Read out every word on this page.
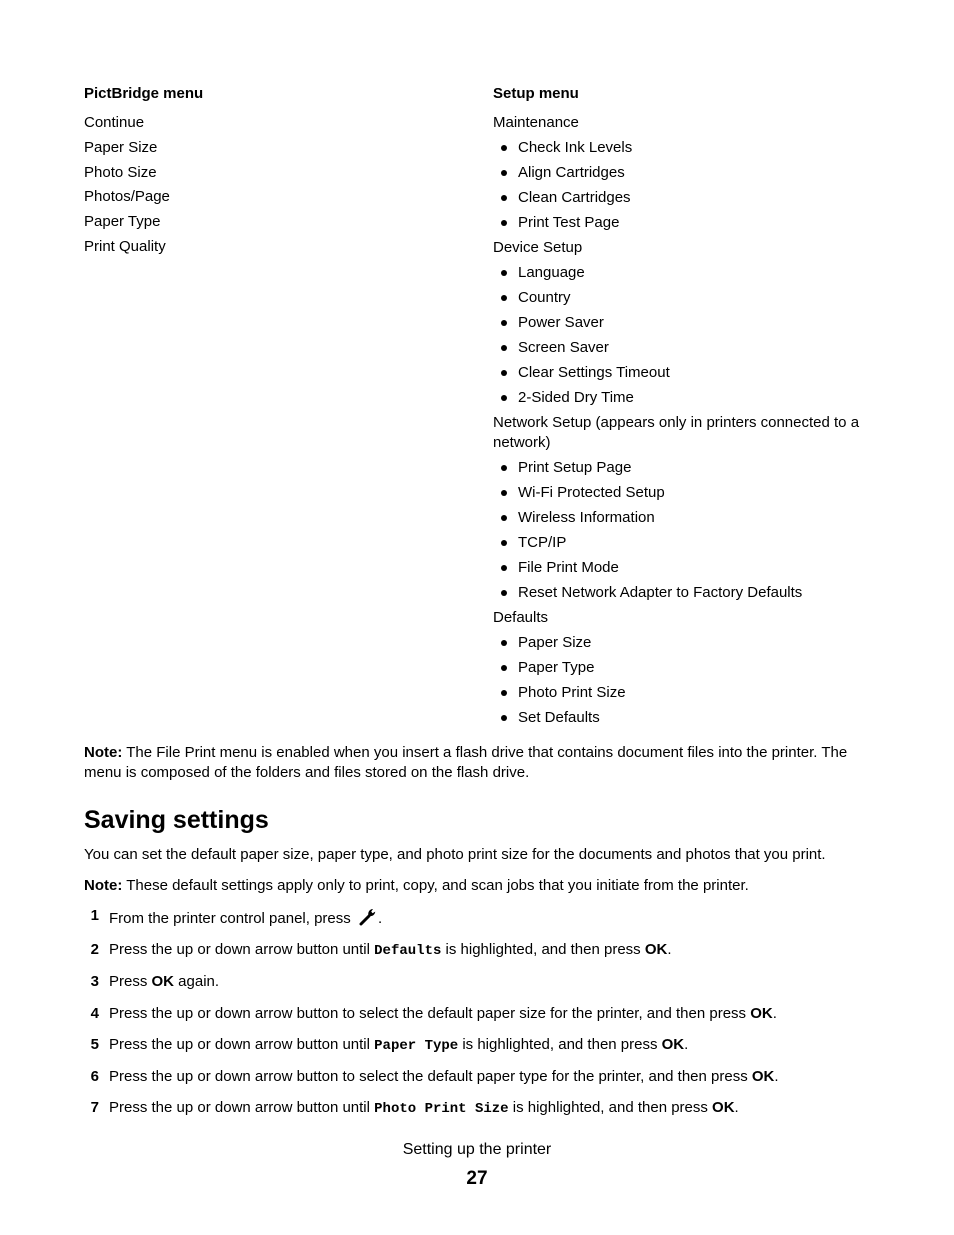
PictBridge menu
Continue
Paper Size
Photo Size
Photos/Page
Paper Type
Print Quality
Setup menu
Maintenance
Check Ink Levels
Align Cartridges
Clean Cartridges
Print Test Page
Device Setup
Language
Country
Power Saver
Screen Saver
Clear Settings Timeout
2-Sided Dry Time
Network Setup (appears only in printers connected to a network)
Print Setup Page
Wi-Fi Protected Setup
Wireless Information
TCP/IP
File Print Mode
Reset Network Adapter to Factory Defaults
Defaults
Paper Size
Paper Type
Photo Print Size
Set Defaults
Note: The File Print menu is enabled when you insert a flash drive that contains document files into the printer. The menu is composed of the folders and files stored on the flash drive.
Saving settings
You can set the default paper size, paper type, and photo print size for the documents and photos that you print.
Note: These default settings apply only to print, copy, and scan jobs that you initiate from the printer.
1 From the printer control panel, press .
2 Press the up or down arrow button until Defaults is highlighted, and then press OK.
3 Press OK again.
4 Press the up or down arrow button to select the default paper size for the printer, and then press OK.
5 Press the up or down arrow button until Paper Type is highlighted, and then press OK.
6 Press the up or down arrow button to select the default paper type for the printer, and then press OK.
7 Press the up or down arrow button until Photo Print Size is highlighted, and then press OK.
Setting up the printer
27
